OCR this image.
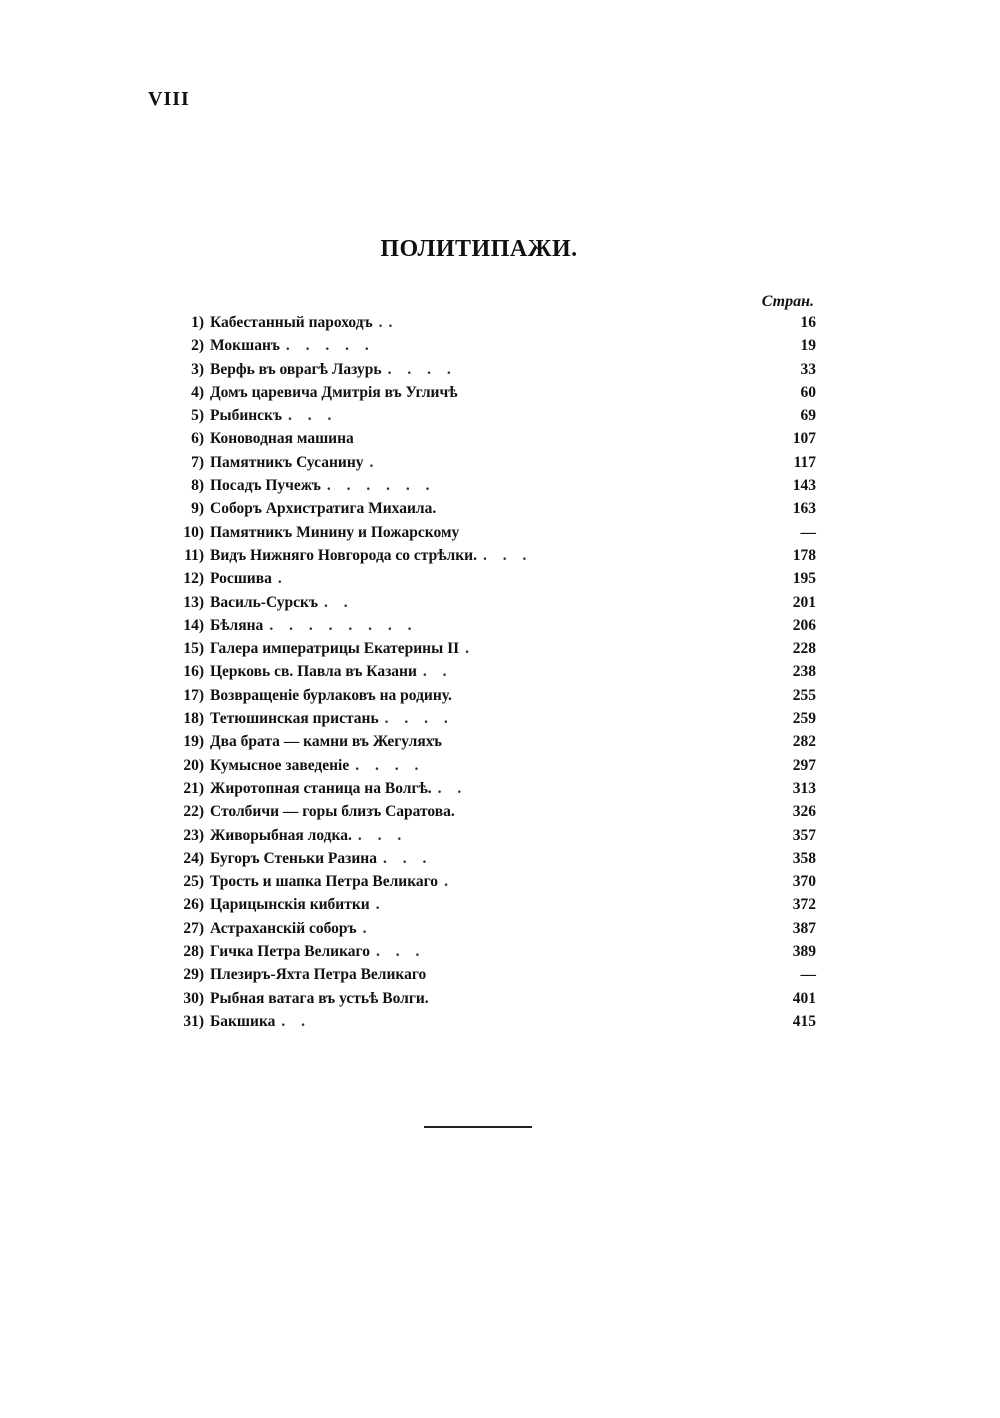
VIII
ПОЛИТИПАЖИ.
Стран.
1) Кабестанный пароходъ ..	16
2) Мокшанъ . . . . .	19
3) Верфь въ оврагѣ Лазурь . . . .	33
4) Домъ царевича Дмитрія въ Угличѣ	60
5) Рыбинскъ . . .	69
6) Коноводная машина	107
7) Памятникъ Сусанину .	117
8) Посадъ Пучежъ . . . . . .	143
9) Соборъ Архистратига Михаила.	163
10) Памятникъ Минину и Пожарскому	—
11) Видъ Нижняго Новгорода со стрѣлки. . . .	178
12) Росшива .	195
13) Василь-Сурскъ . .	201
14) Бѣляна . . . . . . . .	206
15) Галера императрицы Екатерины II .	228
16) Церковь св. Павла въ Казани . .	238
17) Возвращеніе бурлаковъ на родину.	255
18) Тетюшинская пристань . . . .	259
19) Два брата — камни въ Жегуляхъ	282
20) Кумысное заведеніе . . . .	297
21) Жиротопная станица на Волгѣ. . .	313
22) Столбичи — горы близъ Саратова.	326
23) Живорыбная лодка. . . .	357
24) Бугоръ Стеньки Разина . . .	358
25) Трость и шапка Петра Великаго .	370
26) Царицынскія кибитки .	372
27) Астраханскій соборъ .	387
28) Гичка Петра Великаго . . .	389
29) Плезиръ-Яхта Петра Великаго	—
30) Рыбная ватага въ устьѣ Волги.	401
31) Бакшика . .	415
